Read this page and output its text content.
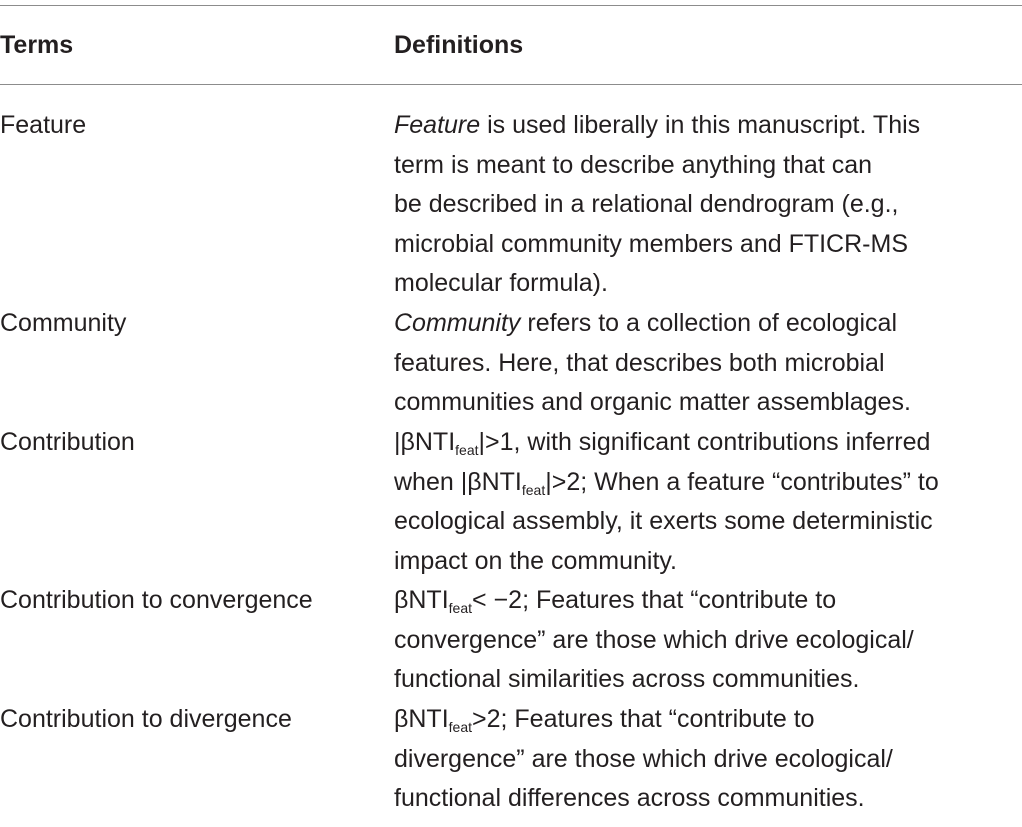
Terms	Definitions
Feature	Feature is used liberally in this manuscript. This
term is meant to describe anything that can
be described in a relational dendrogram (e.g.,
microbial community members and FTICR-MS
molecular formula).
Community	Community refers to a collection of ecological
features. Here, that describes both microbial
communities and organic matter assemblages.
Contribution	|βNTI$_{feat}$|>1, with significant contributions inferred
when |βNTI$_{feat}$|>2; When a feature “contributes” to
ecological assembly, it exerts some deterministic
impact on the community.
Contribution to convergence	βNTI$_{feat}$< −2; Features that “contribute to
convergence” are those which drive ecological/
functional similarities across communities.
Contribution to divergence	βNTI$_{feat}$>2; Features that “contribute to
divergence” are those which drive ecological/
functional differences across communities.
